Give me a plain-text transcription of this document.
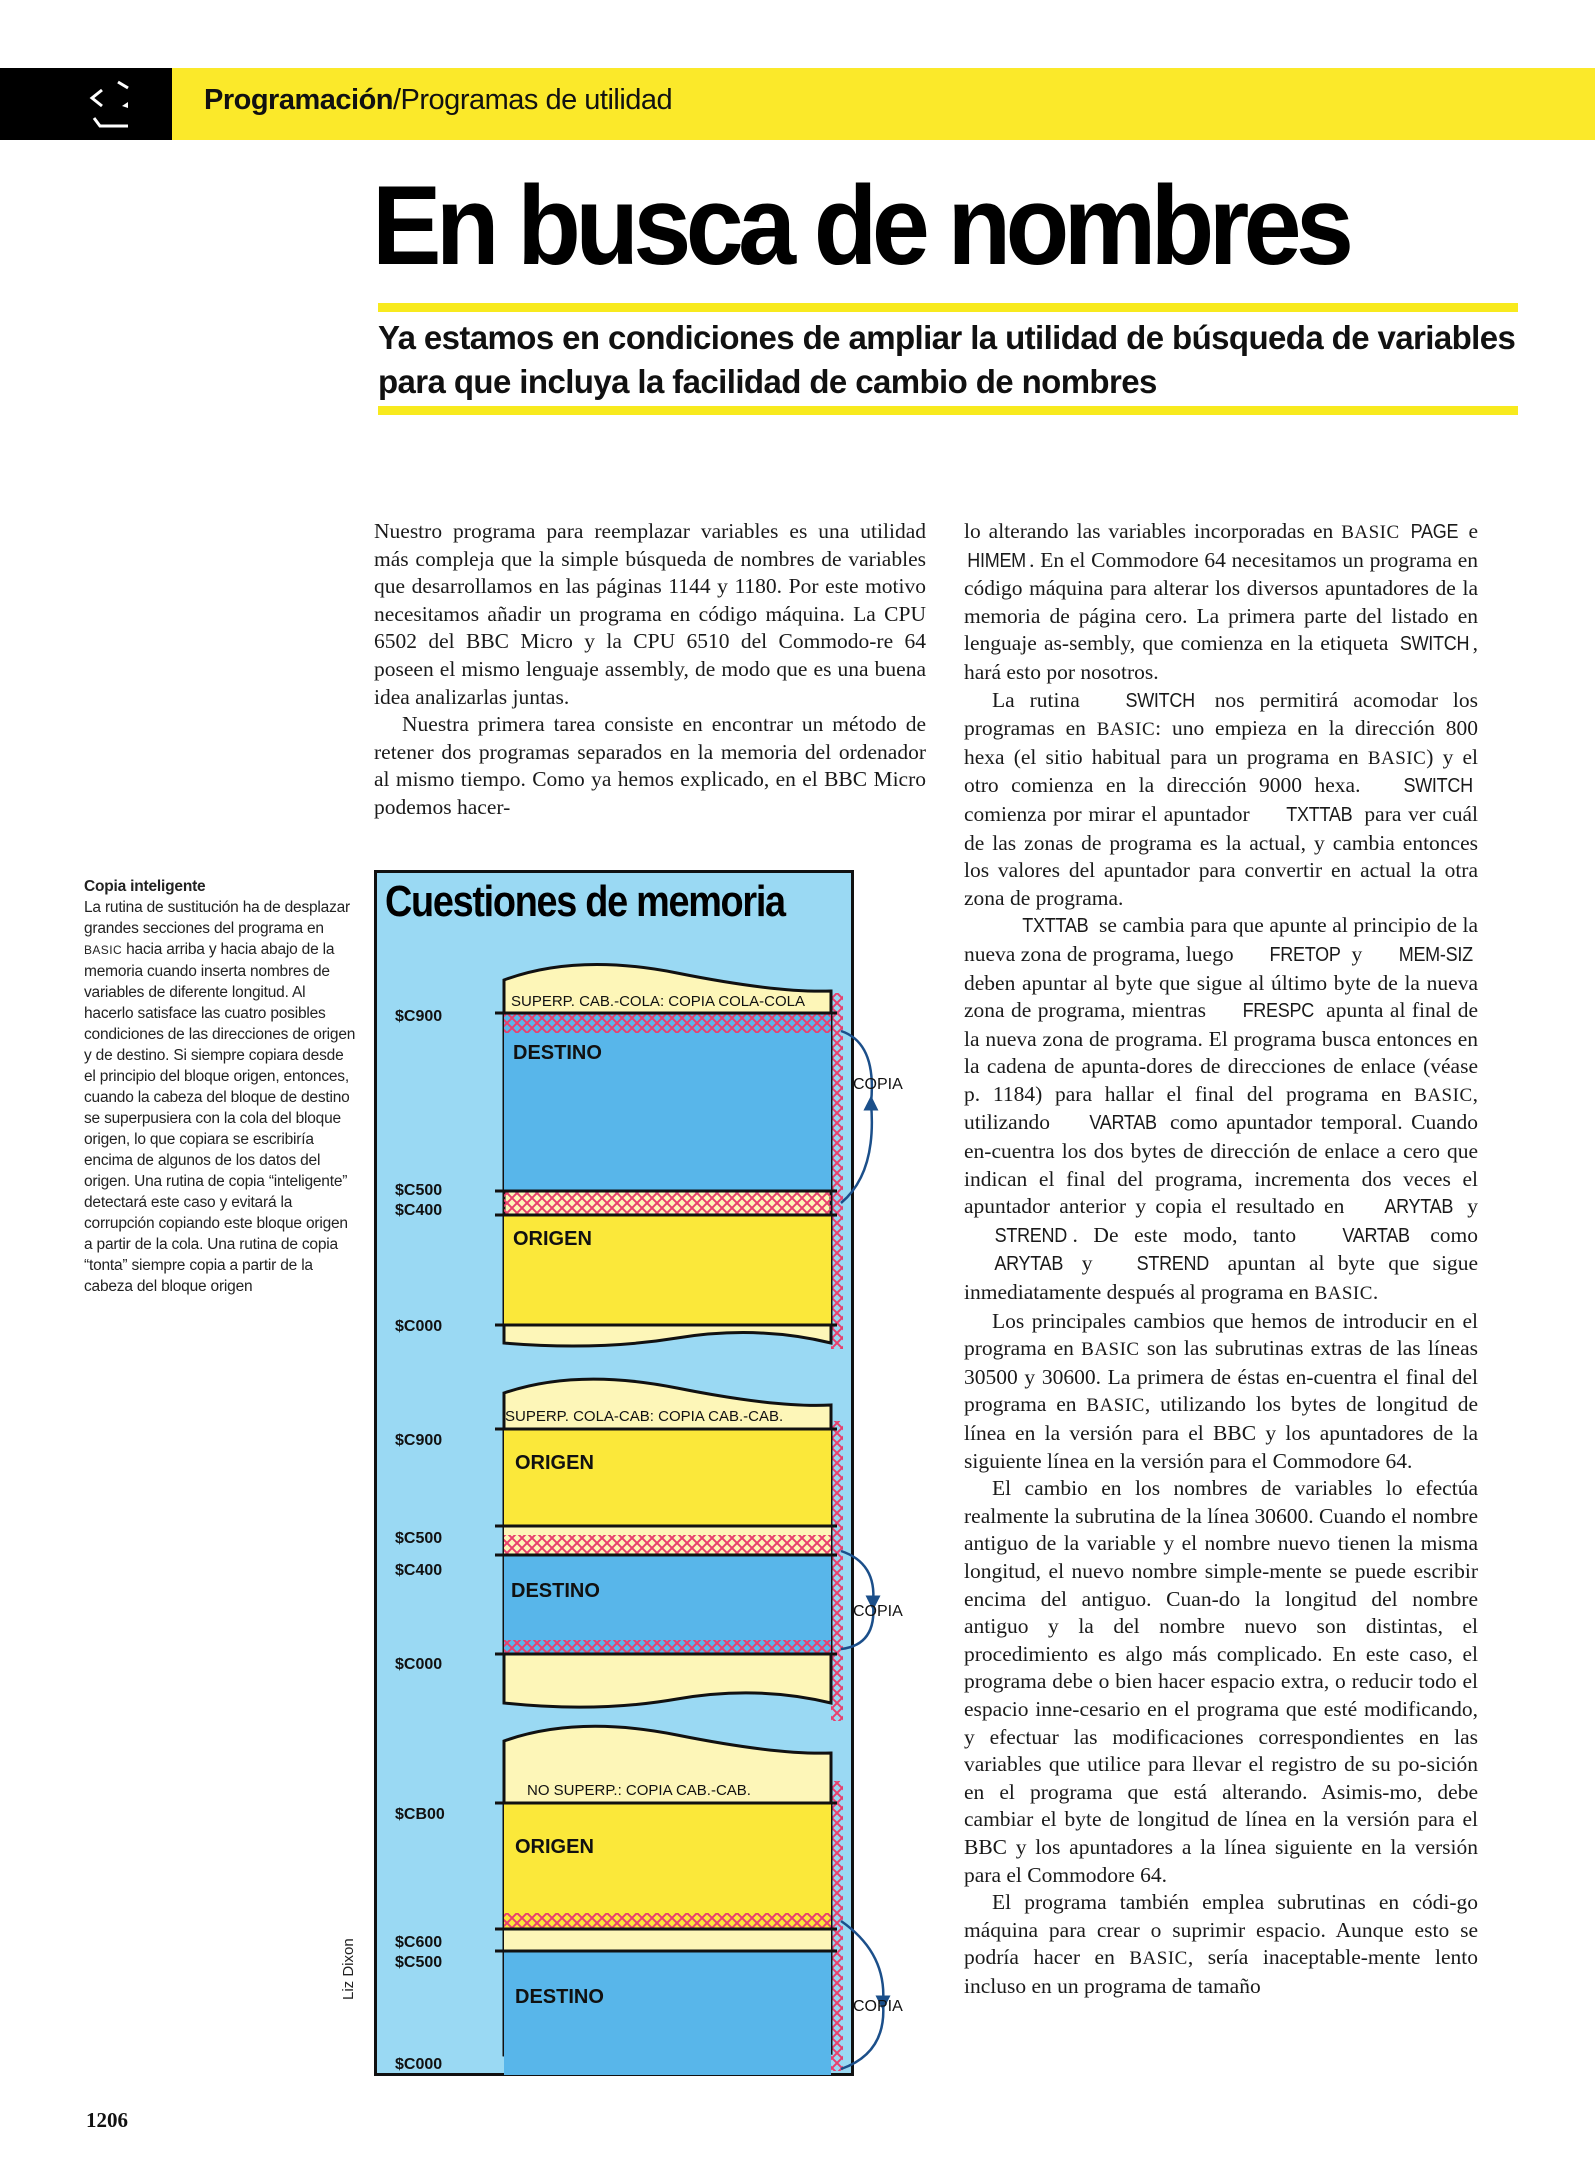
Programación/Programas de utilidad
En busca de nombres
Ya estamos en condiciones de ampliar la utilidad de búsqueda de variables para que incluya la facilidad de cambio de nombres
Copia inteligente
La rutina de sustitución ha de desplazar grandes secciones del programa en BASIC hacia arriba y hacia abajo de la memoria cuando inserta nombres de variables de diferente longitud. Al hacerlo satisface las cuatro posibles condiciones de las direcciones de origen y de destino. Si siempre copiara desde el principio del bloque origen, entonces, cuando la cabeza del bloque de destino se superpusiera con la cola del bloque origen, lo que copiara se escribiría encima de algunos de los datos del origen. Una rutina de copia “inteligente” detectará este caso y evitará la corrupción copiando este bloque origen a partir de la cola. Una rutina de copia “tonta” siempre copia a partir de la cabeza del bloque origen

Nuestro programa para reemplazar variables es una utilidad más compleja que la simple búsqueda de nombres de variables que desarrollamos en las páginas 1144 y 1180. Por este motivo necesitamos añadir un programa en código máquina. La CPU 6502 del BBC Micro y la CPU 6510 del Commodo-re 64 poseen el mismo lenguaje assembly, de modo que es una buena idea analizarlas juntas.

Nuestra primera tarea consiste en encontrar un método de retener dos programas separados en la memoria del ordenador al mismo tiempo. Como ya hemos explicado, en el BBC Micro podemos hacer-

lo alterando las variables incorporadas en BASIC PAGE e HIMEM . En el Commodore 64 necesitamos un programa en código máquina para alterar los diversos apuntadores de la memoria de página cero. La primera parte del listado en lenguaje as-sembly, que comienza en la etiqueta SWITCH , hará esto por nosotros.

La rutina SWITCH nos permitirá acomodar los programas en BASIC: uno empieza en la dirección 800 hexa (el sitio habitual para un programa en BASIC) y el otro comienza en la dirección 9000 hexa. SWITCH comienza por mirar el apuntador TXTTAB para ver cuál de las zonas de programa es la actual, y cambia entonces los valores del apuntador para convertir en actual la otra zona de programa.

TXTTAB se cambia para que apunte al principio de la nueva zona de programa, luego FRETOP y MEM-SIZ deben apuntar al byte que sigue al último byte de la nueva zona de programa, mientras FRESPC apunta al final de la nueva zona de programa. El programa busca entonces en la cadena de apunta-dores de direcciones de enlace (véase p. 1184) para hallar el final del programa en BASIC, utilizando VARTAB como apuntador temporal. Cuando en-cuentra los dos bytes de dirección de enlace a cero que indican el final del programa, incrementa dos veces el apuntador anterior y copia el resultado en ARYTAB y STREND . De este modo, tanto VARTAB como ARYTAB y STREND apuntan al byte que sigue inmediatamente después al programa en BASIC.

Los principales cambios que hemos de introducir en el programa en BASIC son las subrutinas extras de las líneas 30500 y 30600. La primera de éstas en-cuentra el final del programa en BASIC, utilizando los bytes de longitud de línea en la versión para el BBC y los apuntadores de la siguiente línea en la versión para el Commodore 64.

El cambio en los nombres de variables lo efectúa realmente la subrutina de la línea 30600. Cuando el nombre antiguo de la variable y el nombre nuevo tienen la misma longitud, el nuevo nombre simple-mente se puede escribir encima del antiguo. Cuan-do la longitud del nombre antiguo y la del nombre nuevo son distintas, el procedimiento es algo más complicado. En este caso, el programa debe o bien hacer espacio extra, o reducir todo el espacio inne-cesario en el programa que esté modificando, y efectuar las modificaciones correspondientes en las variables que utilice para llevar el registro de su po-sición en el programa que está alterando. Asimis-mo, debe cambiar el byte de longitud de línea en la versión para el BBC y los apuntadores a la línea siguiente en la versión para el Commodore 64.

El programa también emplea subrutinas en códi-go máquina para crear o suprimir espacio. Aunque esto se podría hacer en BASIC, sería inaceptable-mente lento incluso en un programa de tamaño

Cuestiones de memoria
SUPERP. CAB.-COLA: COPIA COLA-COLA
$C900
$C500
$C400
$C000
DESTINO
ORIGEN
COPIA
SUPERP. COLA-CAB: COPIA CAB.-CAB.
$C900
$C500
$C400
$C000
ORIGEN
DESTINO
COPIA
NO SUPERP.: COPIA CAB.-CAB.
$CB00
$C600
$C500
$C000
ORIGEN
DESTINO	COPIA
Liz Dixon
1206
